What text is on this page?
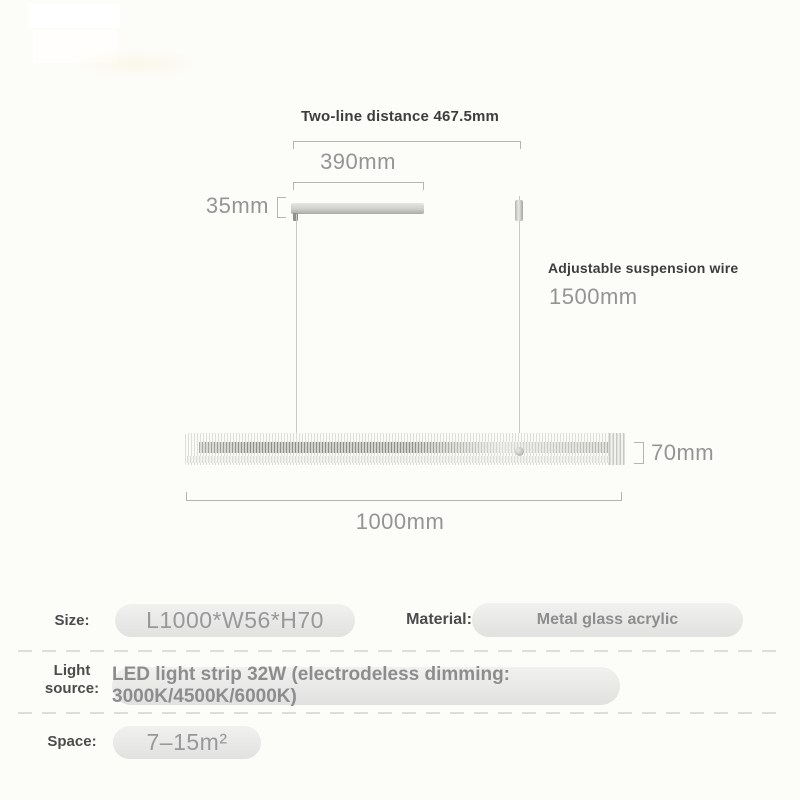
Two-line distance 467.5mm
390mm
35mm
Adjustable suspension wire
1500mm
70mm
1000mm
Size:	L1000*W56*H70	Material:	Metal glass acrylic
Light source:
LED light strip 32W (electrodeless dimming: 3000K/4500K/6000K)
Space:	7–15m²
